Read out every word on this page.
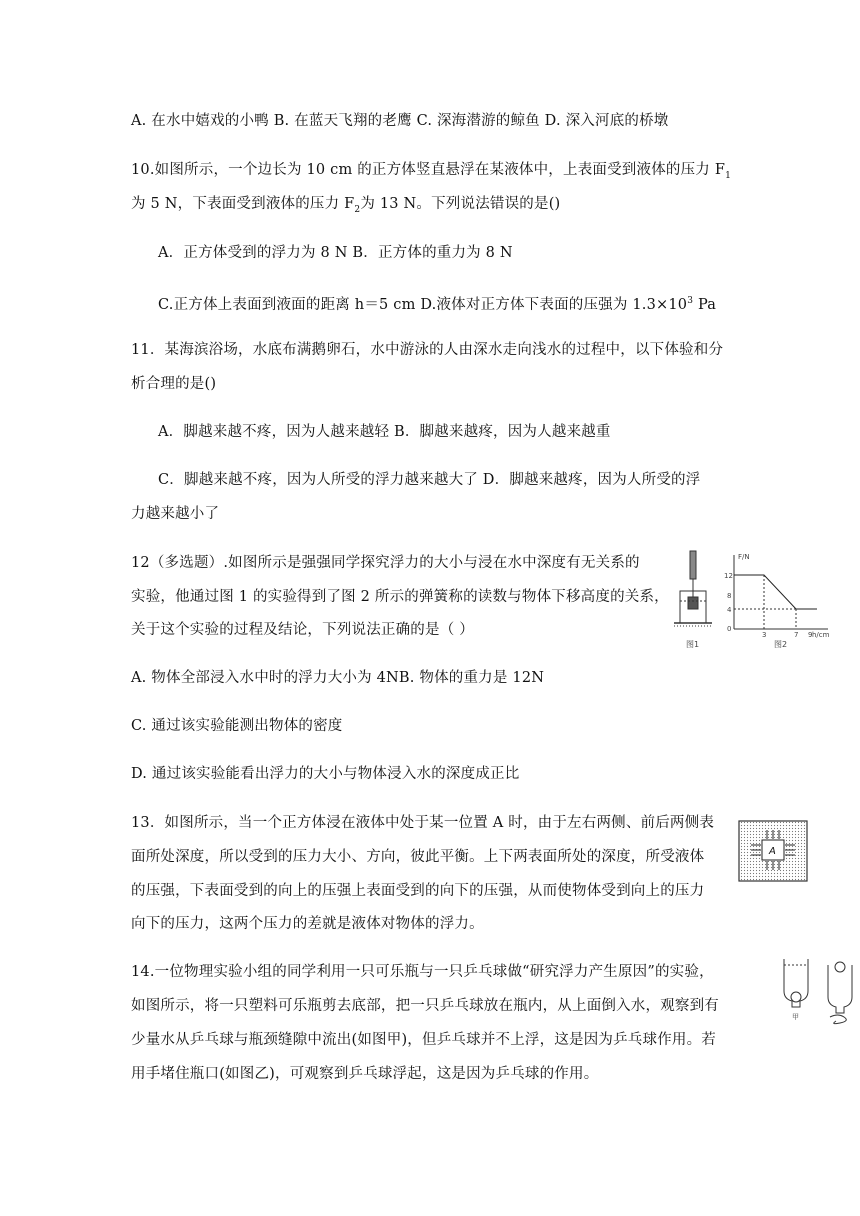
A. 在水中嬉戏的小鸭 B. 在蓝天飞翔的老鹰 C. 深海潜游的鲸鱼 D. 深入河底的桥墩
10.如图所示，一个边长为 10 cm 的正方体竖直悬浮在某液体中，上表面受到液体的压力 $F_1$
为 5 N，下表面受到液体的压力 $F_2$为 13 N。下列说法错误的是()
A．正方体受到的浮力为 8 N B．正方体的重力为 8 N
C.正方体上表面到液面的距离 h＝5 cm D.液体对正方体下表面的压强为 $1.3\times 10^3$ Pa
11．某海滨浴场，水底布满鹅卵石，水中游泳的人由深水走向浅水的过程中，以下体验和分
析合理的是()
A．脚越来越不疼，因为人越来越轻 B．脚越来越疼，因为人越来越重
C．脚越来越不疼，因为人所受的浮力越来越大了 D．脚越来越疼，因为人所受的浮
力越来越小了
12（多选题）.如图所示是强强同学探究浮力的大小与浸在水中深度有无关系的
实验，他通过图 1 的实验得到了图 2 所示的弹簧称的读数与物体下移高度的关系，
关于这个实验的过程及结论，下列说法正确的是（ ）
A. 物体全部浸入水中时的浮力大小为 4NB. 物体的重力是 12N
C. 通过该实验能测出物体的密度
D. 通过该实验能看出浮力的大小与物体浸入水的深度成正比
图1
F/N
h/cm
12
8
4
0
3	7 9
图2
13．如图所示，当一个正方体浸在液体中处于某一位置 A 时，由于左右两侧、前后两侧表
面所处深度，所以受到的压力大小、方向，彼此平衡。上下两表面所处的深度，所受液体
的压强，下表面受到的向上的压强上表面受到的向下的压强，从而使物体受到向上的压力
向下的压力，这两个压力的差就是液体对物体的浮力。
A
14.一位物理实验小组的同学利用一只可乐瓶与一只乒乓球做“研究浮力产生原因”的实验，
如图所示，将一只塑料可乐瓶剪去底部，把一只乒乓球放在瓶内，从上面倒入水，观察到有
少量水从乒乓球与瓶颈缝隙中流出(如图甲)，但乒乓球并不上浮，这是因为乒乓球作用。若
用手堵住瓶口(如图乙)，可观察到乒乓球浮起，这是因为乒乓球的作用。
甲
